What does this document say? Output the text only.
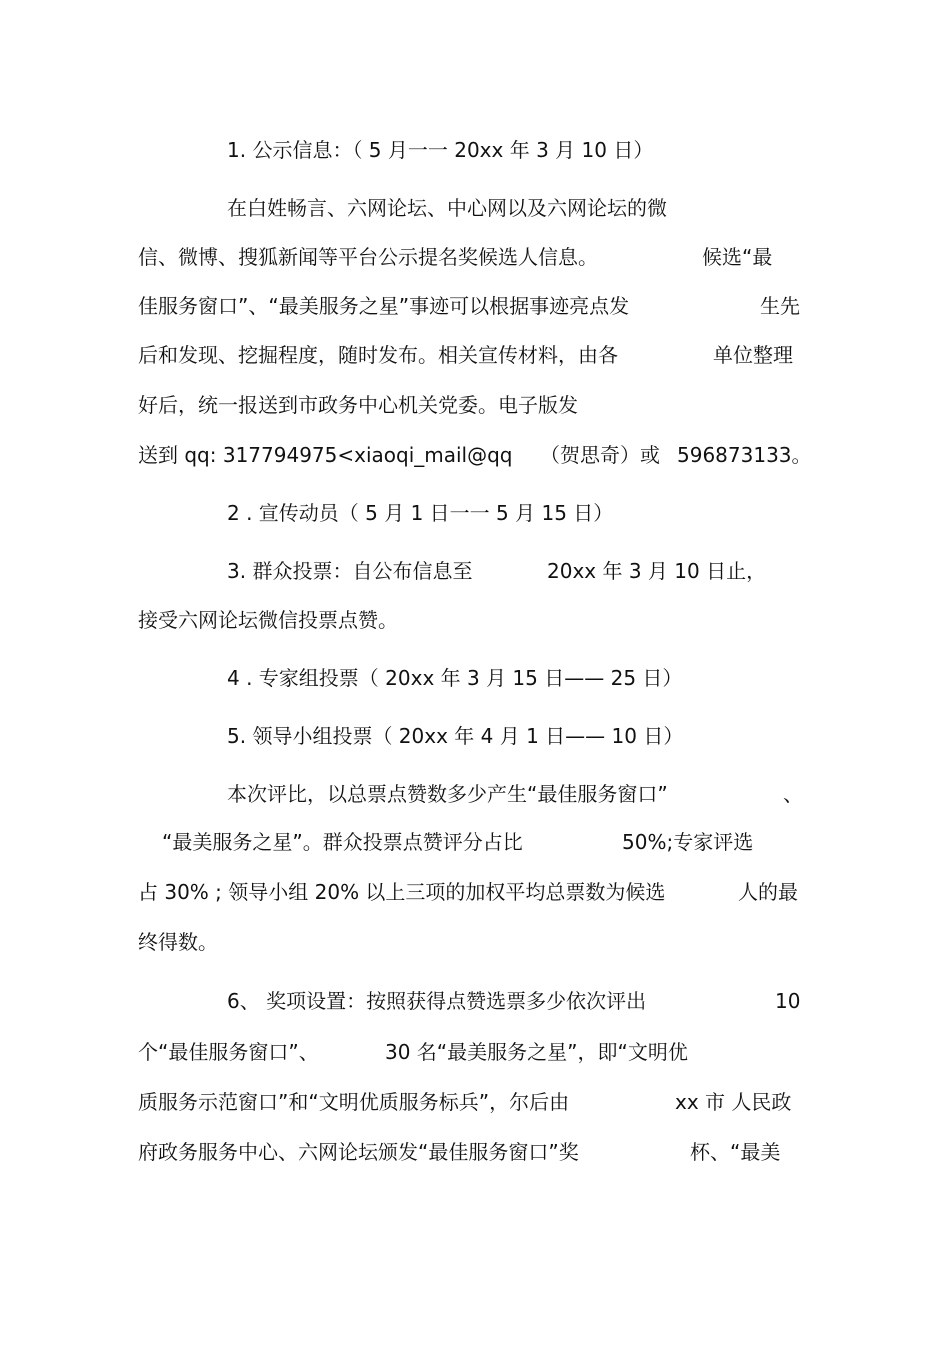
1. 公示信息：（ 5 月一一 20xx 年 3 月 10 日）

在白姓畅言、六网论坛、中心网以及六网论坛的微

信、微博、搜狐新闻等平台公示提名奖候选人信息。	候选“最

佳服务窗口”、“最美服务之星”事迹可以根据事迹亮点发	生先

后和发现、挖掘程度，随时发布。相关宣传材料，由各	单位整理

好后，统一报送到市政务中心机关党委。电子版发

送到 qq: 317794975<xiaoqi_mail@qq （贺思奇）或 596873133。

2 . 宣传动员（ 5 月 1 日一一 5 月 15 日）

3. 群众投票：自公布信息至	20xx 年 3 月 10 日止，

接受六网论坛微信投票点赞。

4 . 专家组投票（ 20xx 年 3 月 15 日—— 25 日）

5. 领导小组投票（ 20xx 年 4 月 1 日—— 10 日）

本次评比，以总票点赞数多少产生“最佳服务窗口”	、

“最美服务之星”。群众投票点赞评分占比	50%;专家评选

占 30% ; 领导小组 20% 以上三项的加权平均总票数为候选	人的最

终得数。

6、 奖项设置：按照获得点赞选票多少依次评出	10

个“最佳服务窗口”、	30 名“最美服务之星”，即“文明优

质服务示范窗口”和“文明优质服务标兵”，尔后由	xx 市 人民政

府政务服务中心、六网论坛颁发“最佳服务窗口”奖	杯、“最美
